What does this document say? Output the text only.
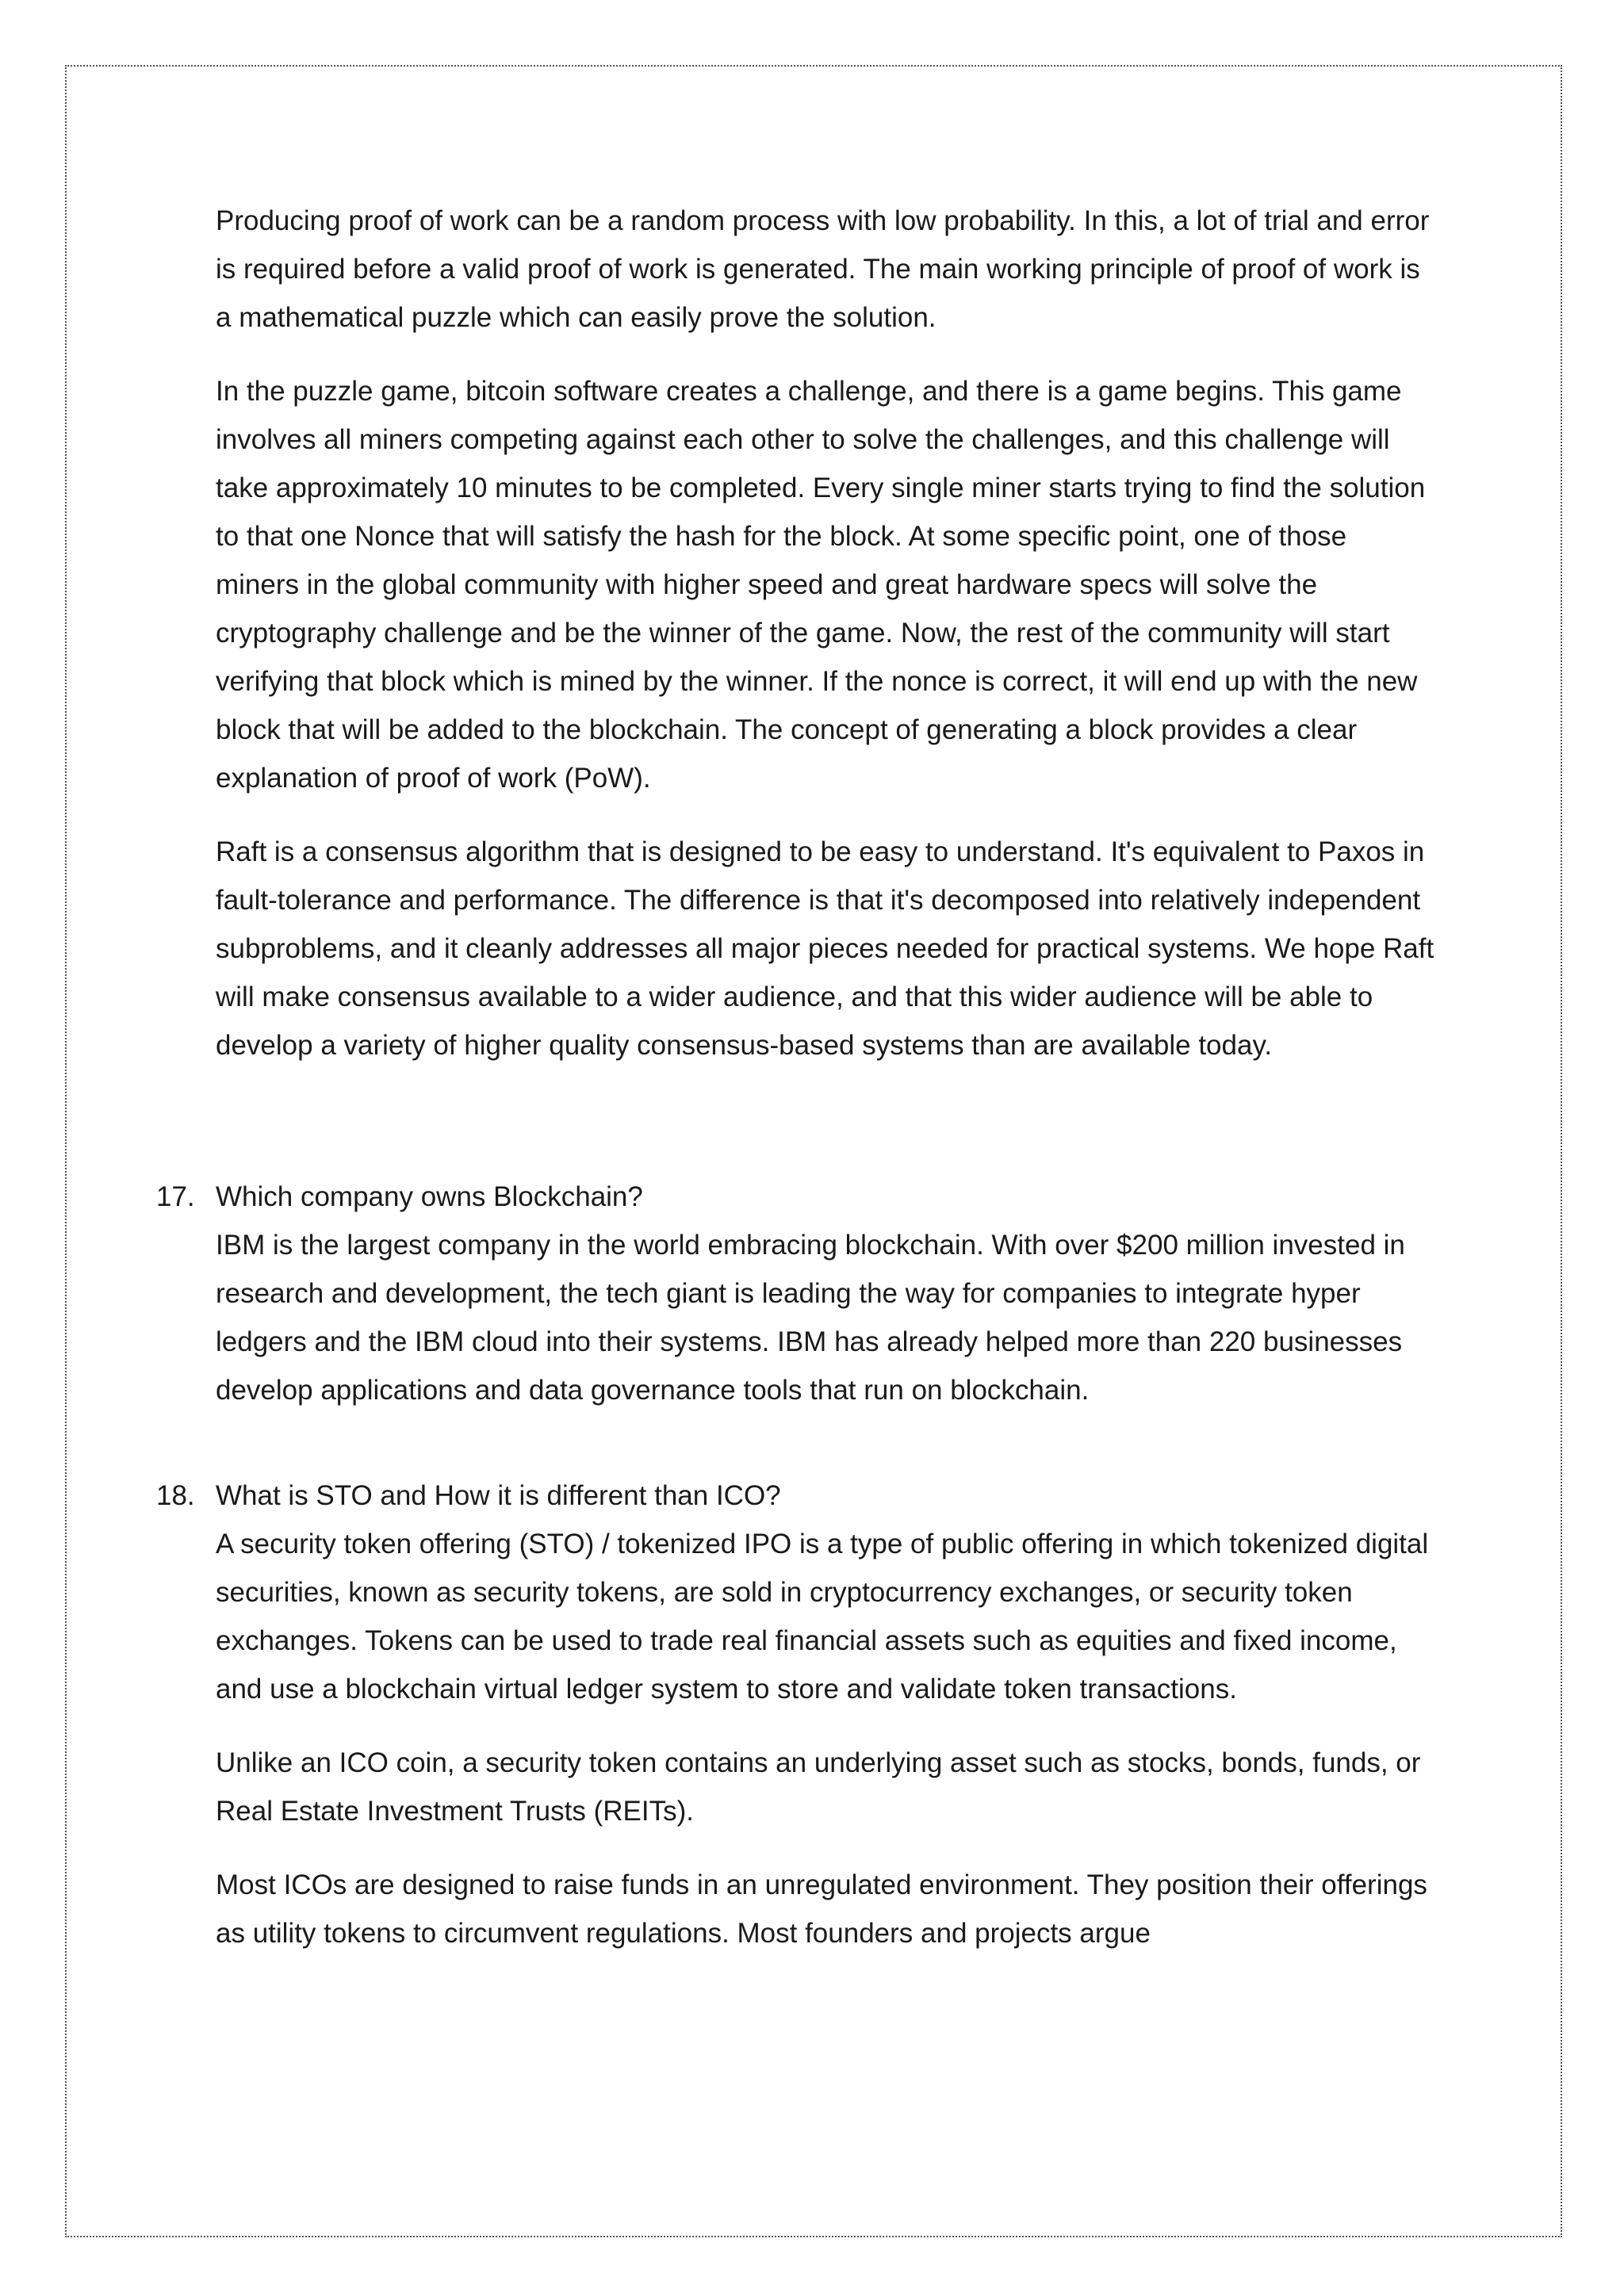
Producing proof of work can be a random process with low probability. In this, a lot of trial and error is required before a valid proof of work is generated. The main working principle of proof of work is a mathematical puzzle which can easily prove the solution.

In the puzzle game, bitcoin software creates a challenge, and there is a game begins. This game involves all miners competing against each other to solve the challenges, and this challenge will take approximately 10 minutes to be completed. Every single miner starts trying to find the solution to that one Nonce that will satisfy the hash for the block. At some specific point, one of those miners in the global community with higher speed and great hardware specs will solve the cryptography challenge and be the winner of the game. Now, the rest of the community will start verifying that block which is mined by the winner. If the nonce is correct, it will end up with the new block that will be added to the blockchain. The concept of generating a block provides a clear explanation of proof of work (PoW).

Raft is a consensus algorithm that is designed to be easy to understand. It's equivalent to Paxos in fault-tolerance and performance. The difference is that it's decomposed into relatively independent subproblems, and it cleanly addresses all major pieces needed for practical systems. We hope Raft will make consensus available to a wider audience, and that this wider audience will be able to develop a variety of higher quality consensus-based systems than are available today.

17. Which company owns Blockchain?

IBM is the largest company in the world embracing blockchain. With over $200 million invested in research and development, the tech giant is leading the way for companies to integrate hyper ledgers and the IBM cloud into their systems. IBM has already helped more than 220 businesses develop applications and data governance tools that run on blockchain.

18. What is STO and How it is different than ICO?

A security token offering (STO) / tokenized IPO is a type of public offering in which tokenized digital securities, known as security tokens, are sold in cryptocurrency exchanges, or security token exchanges. Tokens can be used to trade real financial assets such as equities and fixed income, and use a blockchain virtual ledger system to store and validate token transactions.

Unlike an ICO coin, a security token contains an underlying asset such as stocks, bonds, funds, or Real Estate Investment Trusts (REITs).

Most ICOs are designed to raise funds in an unregulated environment. They position their offerings as utility tokens to circumvent regulations. Most founders and projects argue
